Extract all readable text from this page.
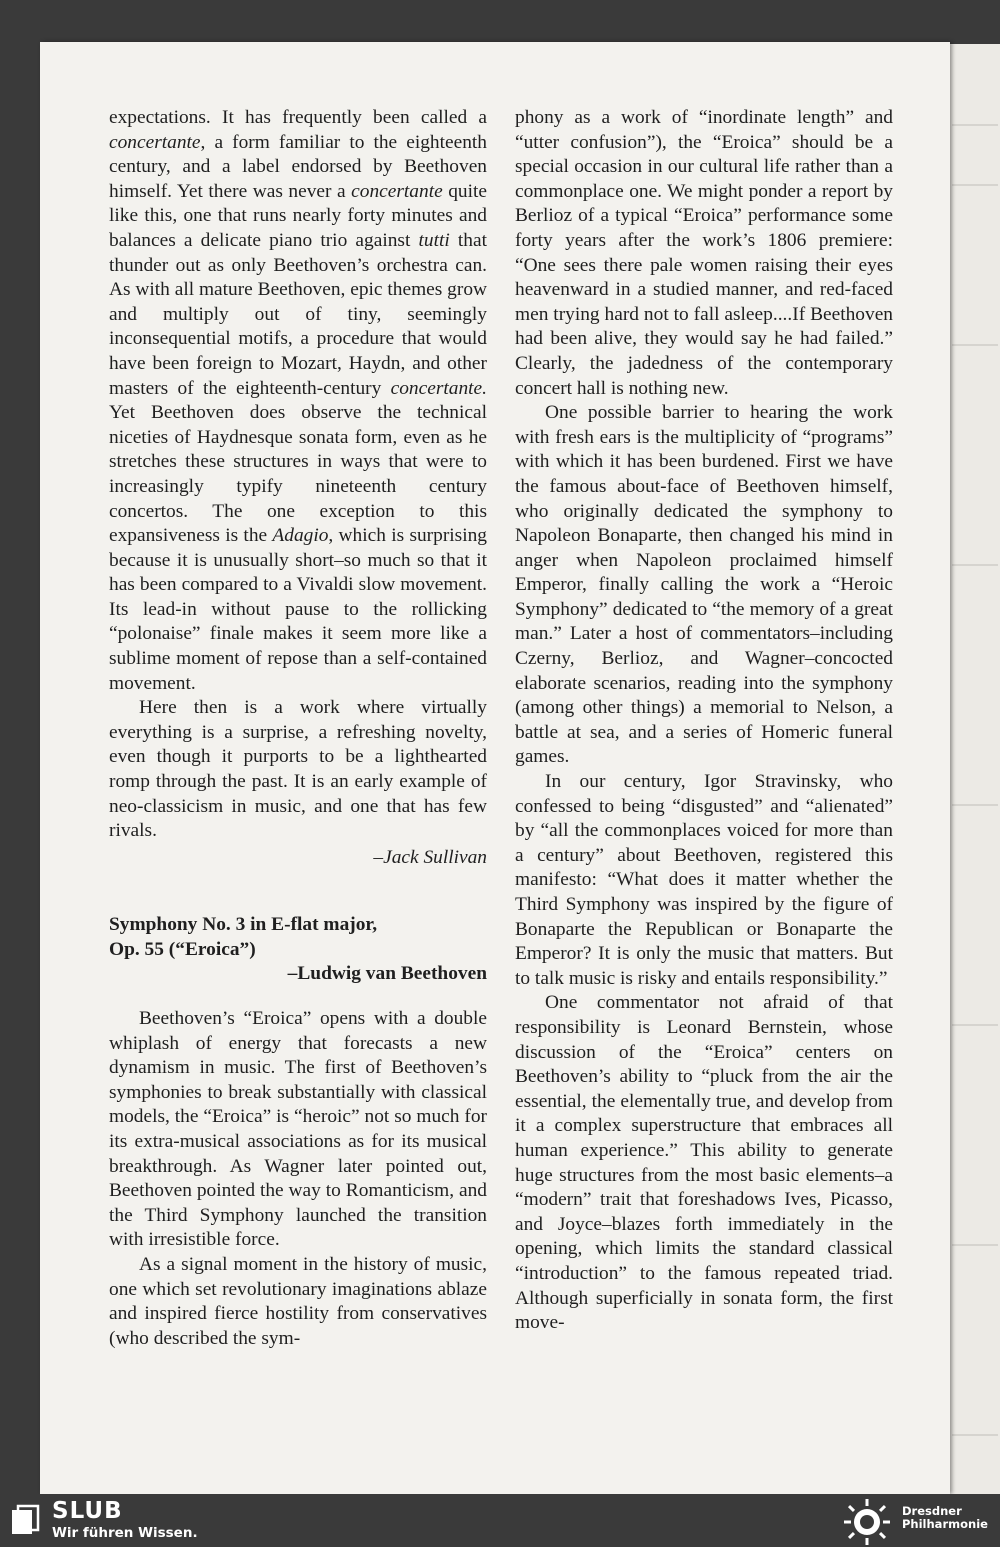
expectations. It has frequently been called a concertante, a form familiar to the eighteenth century, and a label endorsed by Beethoven himself. Yet there was never a concertante quite like this, one that runs nearly forty minutes and balances a delicate piano trio against tutti that thunder out as only Beethoven’s orchestra can. As with all mature Beethoven, epic themes grow and multiply out of tiny, seemingly inconsequential motifs, a procedure that would have been foreign to Mozart, Haydn, and other masters of the eighteenth-century concertante. Yet Beethoven does observe the technical niceties of Haydnesque sonata form, even as he stretches these structures in ways that were to increasingly typify nineteenth century concertos. The one exception to this expansiveness is the Adagio, which is surprising because it is unusually short–so much so that it has been compared to a Vivaldi slow movement. Its lead-in without pause to the rollicking “polonaise” finale makes it seem more like a sublime moment of repose than a self-contained movement.

Here then is a work where virtually everything is a surprise, a refreshing novelty, even though it purports to be a lighthearted romp through the past. It is an early example of neo-classicism in music, and one that has few rivals.

–Jack Sullivan

Symphony No. 3 in E-flat major,
Op. 55 (“Eroica”)

–Ludwig van Beethoven

Beethoven’s “Eroica” opens with a double whiplash of energy that forecasts a new dynamism in music. The first of Beethoven’s symphonies to break substantially with classical models, the “Eroica” is “heroic” not so much for its extra-musical associations as for its musical breakthrough. As Wagner later pointed out, Beethoven pointed the way to Romanticism, and the Third Symphony launched the transition with irresistible force.

As a signal moment in the history of music, one which set revolutionary imaginations ablaze and inspired fierce hostility from conservatives (who described the sym-

phony as a work of “inordinate length” and “utter confusion”), the “Eroica” should be a special occasion in our cultural life rather than a commonplace one. We might ponder a report by Berlioz of a typical “Eroica” performance some forty years after the work’s 1806 premiere: “One sees there pale women raising their eyes heavenward in a studied manner, and red-faced men trying hard not to fall asleep....If Beethoven had been alive, they would say he had failed.” Clearly, the jadedness of the contemporary concert hall is nothing new.

One possible barrier to hearing the work with fresh ears is the multiplicity of “programs” with which it has been burdened. First we have the famous about-face of Beethoven himself, who originally dedicated the symphony to Napoleon Bonaparte, then changed his mind in anger when Napoleon proclaimed himself Emperor, finally calling the work a “Heroic Symphony” dedicated to “the memory of a great man.” Later a host of commentators–including Czerny, Berlioz, and Wagner–concocted elaborate scenarios, reading into the symphony (among other things) a memorial to Nelson, a battle at sea, and a series of Homeric funeral games.

In our century, Igor Stravinsky, who confessed to being “disgusted” and “alienated” by “all the commonplaces voiced for more than a century” about Beethoven, registered this manifesto: “What does it matter whether the Third Symphony was inspired by the figure of Bonaparte the Republican or Bonaparte the Emperor? It is only the music that matters. But to talk music is risky and entails responsibility.”

One commentator not afraid of that responsibility is Leonard Bernstein, whose discussion of the “Eroica” centers on Beethoven’s ability to “pluck from the air the essential, the elementally true, and develop from it a complex superstructure that embraces all human experience.” This ability to generate huge structures from the most basic elements–a “modern” trait that foreshadows Ives, Picasso, and Joyce–blazes forth immediately in the opening, which limits the standard classical “introduction” to the famous repeated triad. Although superficially in sonata form, the first move-

SLUB
Wir führen Wissen.
Dresdner
Philharmonie
